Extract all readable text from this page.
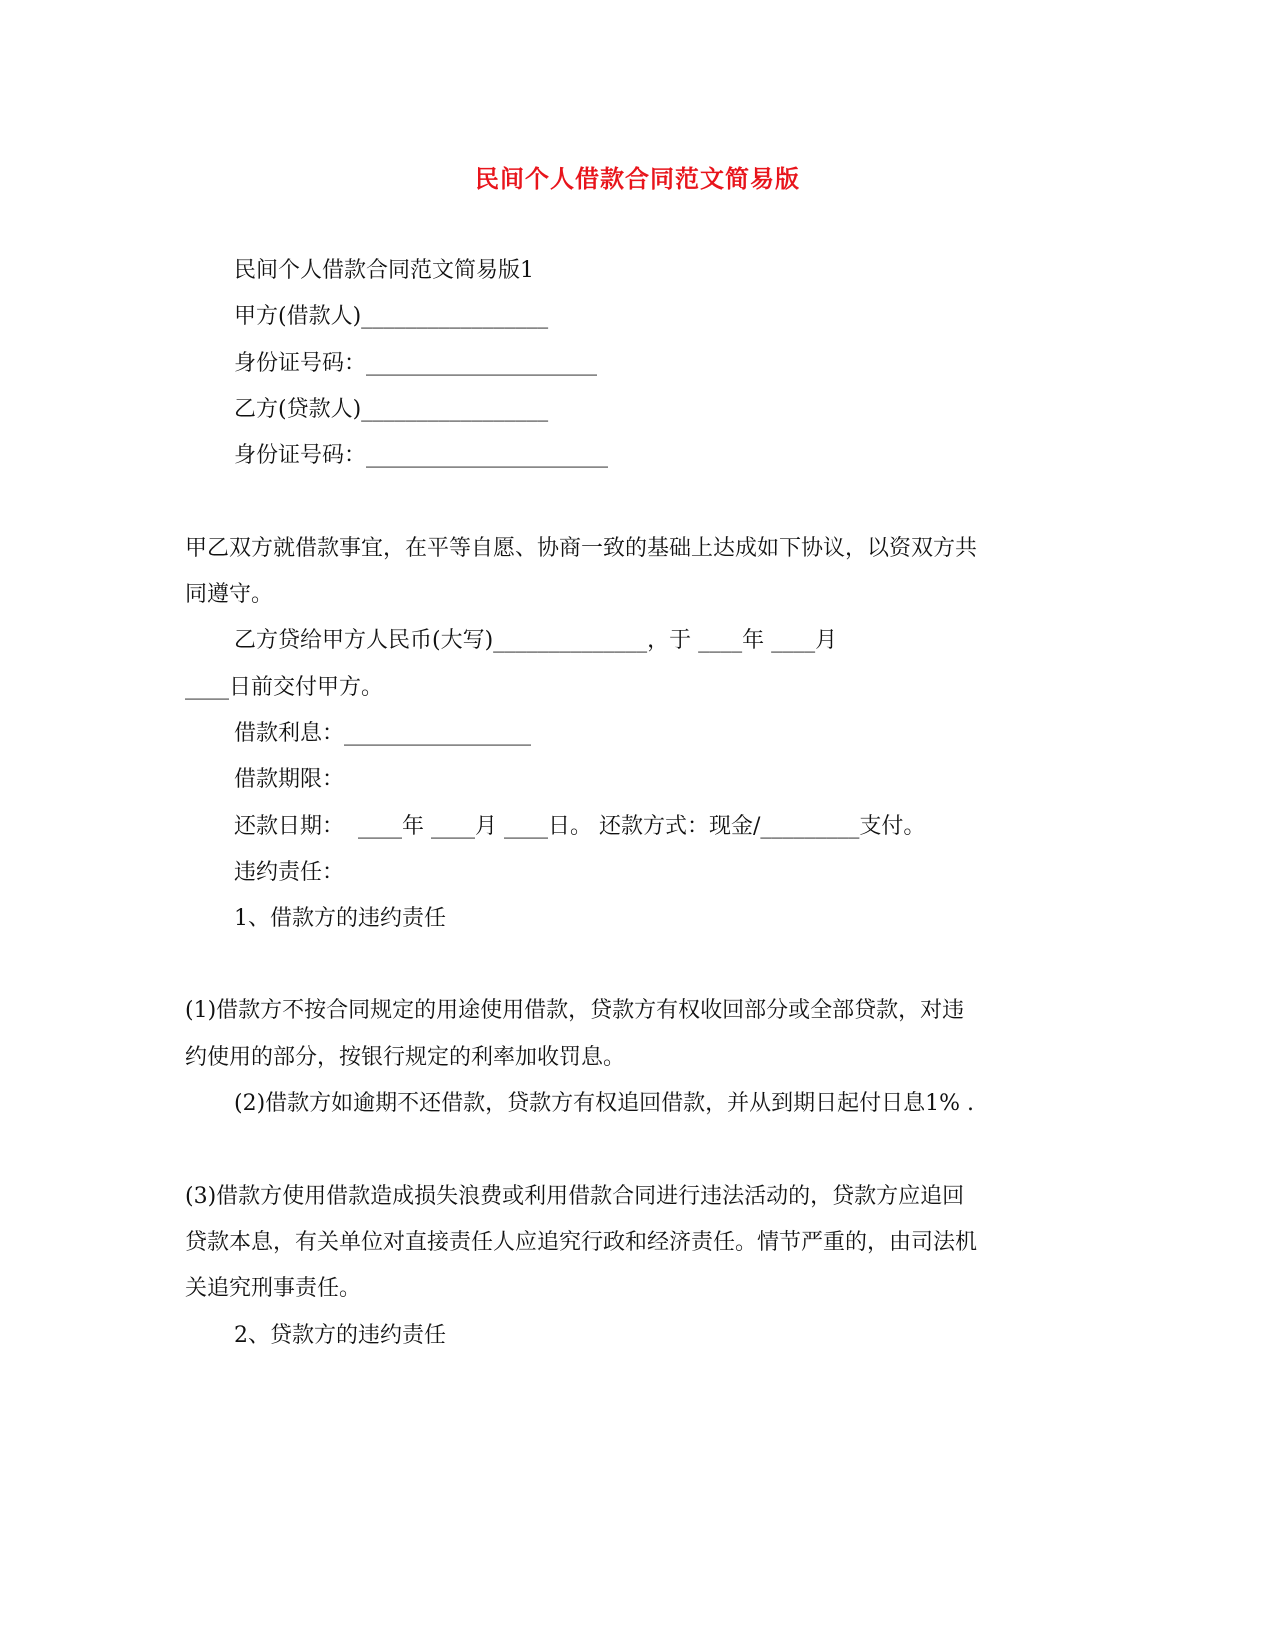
民间个人借款合同范文简易版
民间个人借款合同范文简易版1
甲方(借款人)_________________
身份证号码：_____________________
乙方(贷款人)_________________
身份证号码：______________________
甲乙双方就借款事宜，在平等自愿、协商一致的基础上达成如下协议，以资双方共
同遵守。
乙方贷给甲方人民币(大写)______________，于 ____年 ____月
____日前交付甲方。
借款利息：_________________
借款期限：
还款日期：  ____年 ____月 ____日。 还款方式：现金/_________支付。
违约责任：
1、借款方的违约责任
(1)借款方不按合同规定的用途使用借款，贷款方有权收回部分或全部贷款，对违
约使用的部分，按银行规定的利率加收罚息。
(2)借款方如逾期不还借款，贷款方有权追回借款，并从到期日起付日息1% .
(3)借款方使用借款造成损失浪费或利用借款合同进行违法活动的，贷款方应追回
贷款本息，有关单位对直接责任人应追究行政和经济责任。情节严重的，由司法机
关追究刑事责任。
2、贷款方的违约责任
